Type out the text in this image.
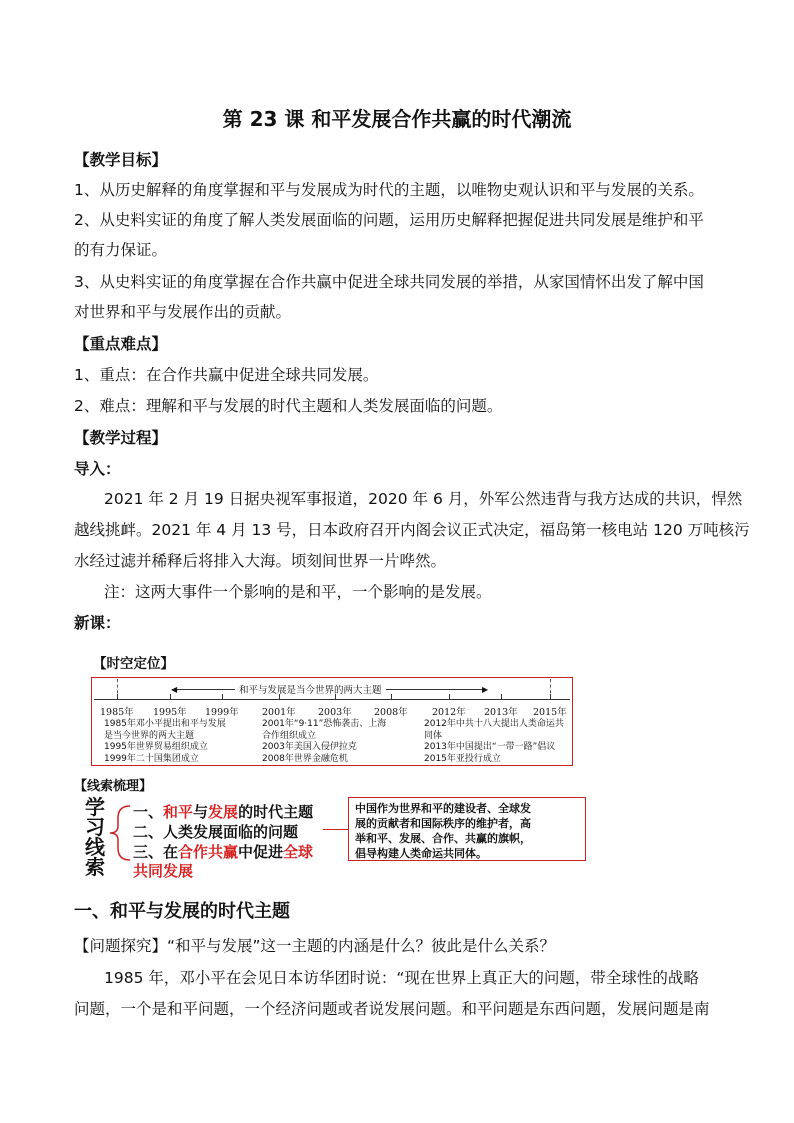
第 23 课 和平发展合作共赢的时代潮流
【教学目标】
1、从历史解释的角度掌握和平与发展成为时代的主题，以唯物史观认识和平与发展的关系。
2、从史料实证的角度了解人类发展面临的问题，运用历史解释把握促进共同发展是维护和平
的有力保证。
3、从史料实证的角度掌握在合作共赢中促进全球共同发展的举措，从家国情怀出发了解中国
对世界和平与发展作出的贡献。
【重点难点】
1、重点：在合作共赢中促进全球共同发展。
2、难点：理解和平与发展的时代主题和人类发展面临的问题。
【教学过程】
导入：
2021 年 2 月 19 日据央视军事报道，2020 年 6 月，外军公然违背与我方达成的共识，悍然
越线挑衅。2021 年 4 月 13 号，日本政府召开内阁会议正式决定，福岛第一核电站 120 万吨核污
水经过滤并稀释后将排入大海。顷刻间世界一片哗然。
注：这两大事件一个影响的是和平，一个影响的是发展。
新课：
【时空定位】
◀	▶
和平与发展是当今世界的两大主题
1985年 1995年 1999年 2001年 2003年 2008年	2012年 2013年 2015年
1985年邓小平提出和平与发展
是当今世界的两大主题
1995年世界贸易组织成立
1999年二十国集团成立
2001年“9·11”恐怖袭击、上海
合作组织成立
2003年美国入侵伊拉克
2008年世界金融危机
2012年中共十八大提出人类命运共
同体
2013年中国提出“一带一路”倡议
2015年亚投行成立
【线索梳理】
学
习
线
索
一、和平与发展的时代主题
二、人类发展面临的问题
三、在合作共赢中促进全球
共同发展
中国作为世界和平的建设者、全球发
展的贡献者和国际秩序的维护者，高
举和平、发展、合作、共赢的旗帜，
倡导构建人类命运共同体。
一、和平与发展的时代主题
【问题探究】“和平与发展”这一主题的内涵是什么？彼此是什么关系？
1985 年，邓小平在会见日本访华团时说：“现在世界上真正大的问题，带全球性的战略
问题，一个是和平问题，一个经济问题或者说发展问题。和平问题是东西问题，发展问题是南
